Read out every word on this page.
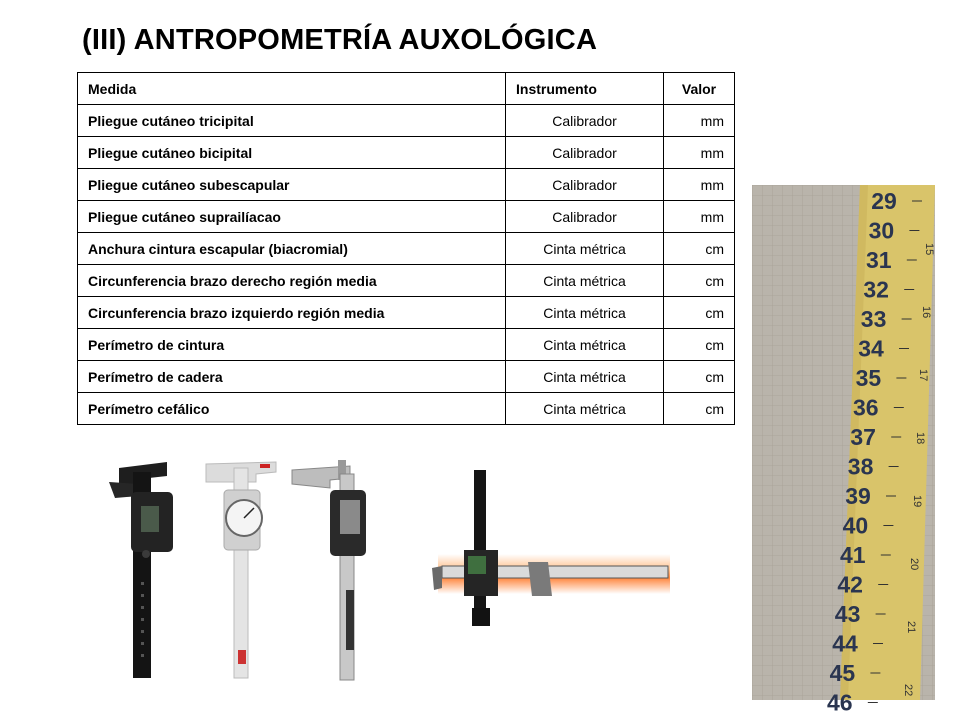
(III) ANTROPOMETRÍA AUXOLÓGICA
Medida	Instrumento	Valor
Pliegue cutáneo tricipital	Calibrador	mm
Pliegue cutáneo bicipital	Calibrador	mm
Pliegue cutáneo subescapular	Calibrador	mm
Pliegue cutáneo suprailíacao	Calibrador	mm
Anchura cintura escapular (biacromial)	Cinta métrica	cm
Circunferencia brazo derecho región media	Cinta métrica	cm
Circunferencia brazo izquierdo región media	Cinta métrica	cm
Perímetro de cintura	Cinta métrica	cm
Perímetro de cadera	Cinta métrica	cm
Perímetro cefálico	Cinta métrica	cm
29
30
31
32
33
34
35
36
37
38
39
40
41
42
43
44
45
46
15
16
17
18
19
20
21
22
